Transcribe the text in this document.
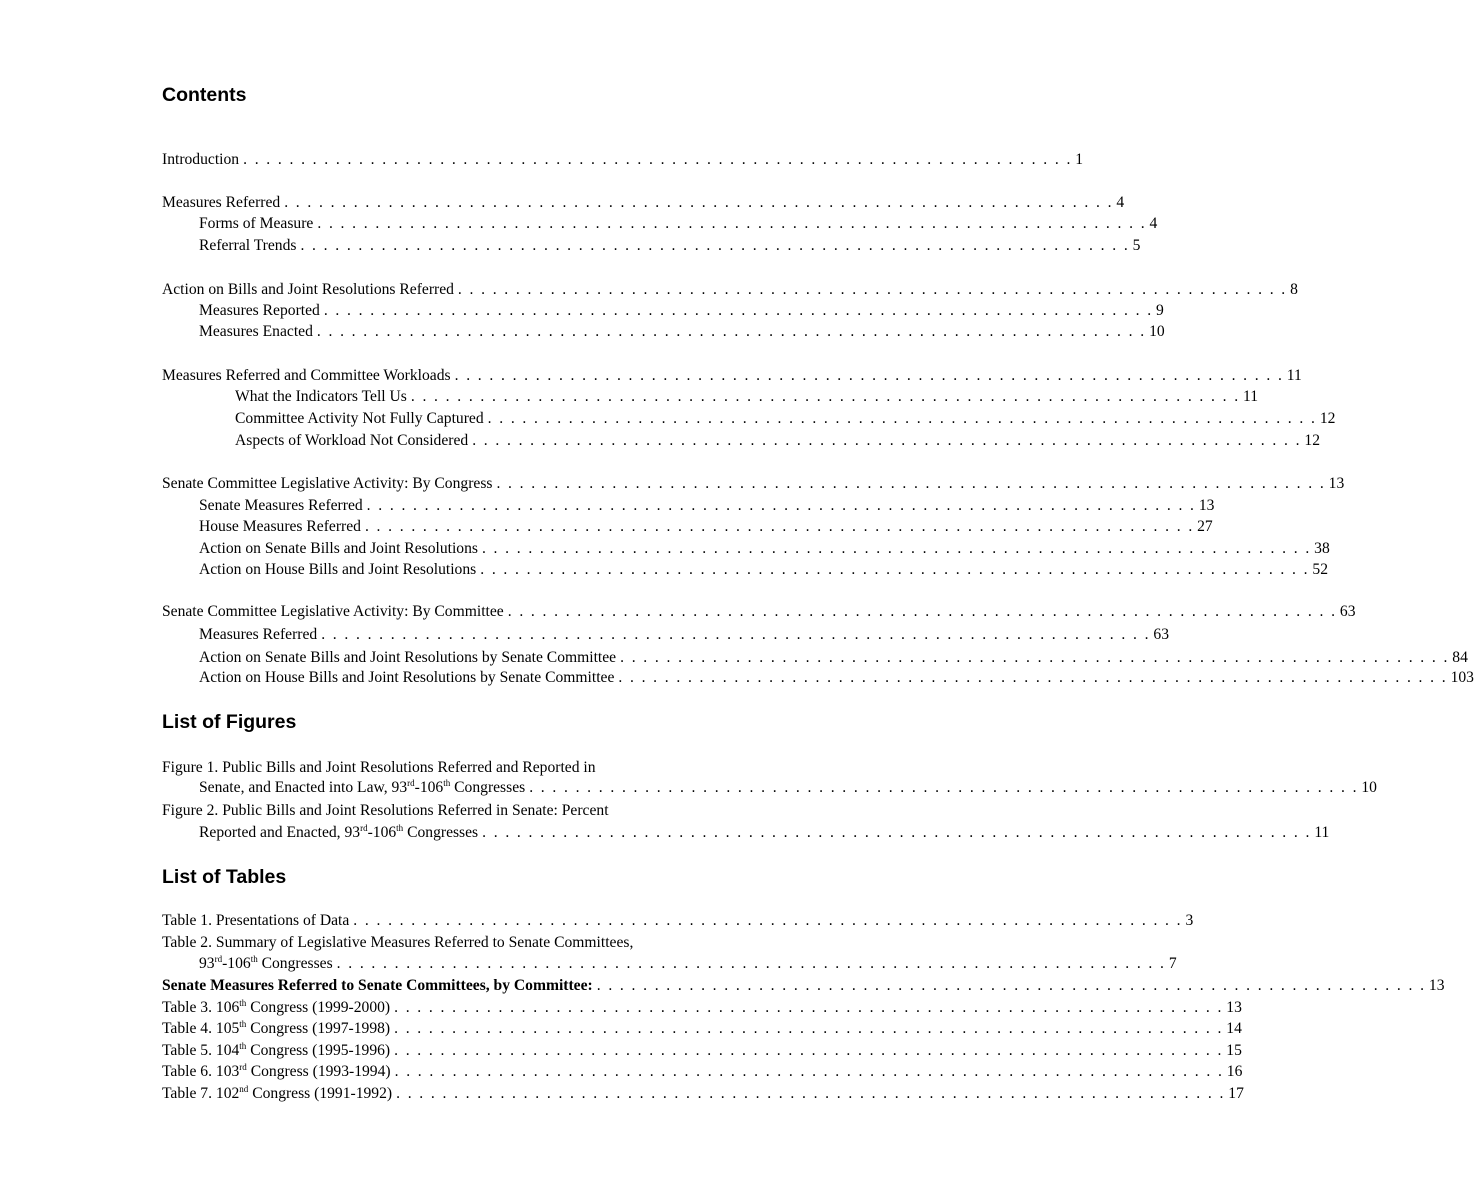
Contents
Introduction . . . . . . . . . . . . . . . . . . . . . . . . . . . . . . . . . . . . . . . . . . . . . . . . . . . . . . . . . . . . . . . . . . . . . . . . 1
Measures Referred . . . . . . . . . . . . . . . . . . . . . . . . . . . . . . . . . . . . . . . . . . . . . . . . . . . . . . . . . . . . . . . . . . . . . . . . 4
Forms of Measure . . . . . . . . . . . . . . . . . . . . . . . . . . . . . . . . . . . . . . . . . . . . . . . . . . . . . . . . . . . . . . . . . . . . . . . . 4
Referral Trends . . . . . . . . . . . . . . . . . . . . . . . . . . . . . . . . . . . . . . . . . . . . . . . . . . . . . . . . . . . . . . . . . . . . . . . . 5
Action on Bills and Joint Resolutions Referred . . . . . . . . . . . . . . . . . . . . . . . . . . . . . . . . . . . . . . . . . . . . . . . . . . . . . . . . . . . . . . . . . . . . . . . . 8
Measures Reported . . . . . . . . . . . . . . . . . . . . . . . . . . . . . . . . . . . . . . . . . . . . . . . . . . . . . . . . . . . . . . . . . . . . . . . . 9
Measures Enacted . . . . . . . . . . . . . . . . . . . . . . . . . . . . . . . . . . . . . . . . . . . . . . . . . . . . . . . . . . . . . . . . . . . . . . . . 10
Measures Referred and Committee Workloads . . . . . . . . . . . . . . . . . . . . . . . . . . . . . . . . . . . . . . . . . . . . . . . . . . . . . . . . . . . . . . . . . . . . . . . . 11
What the Indicators Tell Us . . . . . . . . . . . . . . . . . . . . . . . . . . . . . . . . . . . . . . . . . . . . . . . . . . . . . . . . . . . . . . . . . . . . . . . . 11
Committee Activity Not Fully Captured . . . . . . . . . . . . . . . . . . . . . . . . . . . . . . . . . . . . . . . . . . . . . . . . . . . . . . . . . . . . . . . . . . . . . . . . 12
Aspects of Workload Not Considered . . . . . . . . . . . . . . . . . . . . . . . . . . . . . . . . . . . . . . . . . . . . . . . . . . . . . . . . . . . . . . . . . . . . . . . . 12
Senate Committee Legislative Activity: By Congress . . . . . . . . . . . . . . . . . . . . . . . . . . . . . . . . . . . . . . . . . . . . . . . . . . . . . . . . . . . . . . . . . . . . . . . . 13
Senate Measures Referred . . . . . . . . . . . . . . . . . . . . . . . . . . . . . . . . . . . . . . . . . . . . . . . . . . . . . . . . . . . . . . . . . . . . . . . . 13
House Measures Referred . . . . . . . . . . . . . . . . . . . . . . . . . . . . . . . . . . . . . . . . . . . . . . . . . . . . . . . . . . . . . . . . . . . . . . . . 27
Action on Senate Bills and Joint Resolutions . . . . . . . . . . . . . . . . . . . . . . . . . . . . . . . . . . . . . . . . . . . . . . . . . . . . . . . . . . . . . . . . . . . . . . . . 38
Action on House Bills and Joint Resolutions . . . . . . . . . . . . . . . . . . . . . . . . . . . . . . . . . . . . . . . . . . . . . . . . . . . . . . . . . . . . . . . . . . . . . . . . 52
Senate Committee Legislative Activity: By Committee . . . . . . . . . . . . . . . . . . . . . . . . . . . . . . . . . . . . . . . . . . . . . . . . . . . . . . . . . . . . . . . . . . . . . . . . 63
Measures Referred . . . . . . . . . . . . . . . . . . . . . . . . . . . . . . . . . . . . . . . . . . . . . . . . . . . . . . . . . . . . . . . . . . . . . . . . 63
Action on Senate Bills and Joint Resolutions by Senate Committee . . . . . . . . . . . . . . . . . . . . . . . . . . . . . . . . . . . . . . . . . . . . . . . . . . . . . . . . . . . . . . . . . . . . . . . . 84
Action on House Bills and Joint Resolutions by Senate Committee . . . . . . . . . . . . . . . . . . . . . . . . . . . . . . . . . . . . . . . . . . . . . . . . . . . . . . . . . . . . . . . . . . . . . . . . 103
List of Figures
Figure 1. Public Bills and Joint Resolutions Referred and Reported in
Senate, and Enacted into Law, 93rd-106th Congresses . . . . . . . . . . . . . . . . . . . . . . . . . . . . . . . . . . . . . . . . . . . . . . . . . . . . . . . . . . . . . . . . . . . . . . . . 10
Figure 2. Public Bills and Joint Resolutions Referred in Senate: Percent
Reported and Enacted, 93rd-106th Congresses . . . . . . . . . . . . . . . . . . . . . . . . . . . . . . . . . . . . . . . . . . . . . . . . . . . . . . . . . . . . . . . . . . . . . . . . 11
List of Tables
Table 1. Presentations of Data . . . . . . . . . . . . . . . . . . . . . . . . . . . . . . . . . . . . . . . . . . . . . . . . . . . . . . . . . . . . . . . . . . . . . . . . 3
Table 2. Summary of Legislative Measures Referred to Senate Committees,
93rd-106th Congresses . . . . . . . . . . . . . . . . . . . . . . . . . . . . . . . . . . . . . . . . . . . . . . . . . . . . . . . . . . . . . . . . . . . . . . . . 7
Senate Measures Referred to Senate Committees, by Committee: . . . . . . . . . . . . . . . . . . . . . . . . . . . . . . . . . . . . . . . . . . . . . . . . . . . . . . . . . . . . . . . . . . . . . . . . 13
Table 3. 106th Congress (1999-2000) . . . . . . . . . . . . . . . . . . . . . . . . . . . . . . . . . . . . . . . . . . . . . . . . . . . . . . . . . . . . . . . . . . . . . . . . 13
Table 4. 105th Congress (1997-1998) . . . . . . . . . . . . . . . . . . . . . . . . . . . . . . . . . . . . . . . . . . . . . . . . . . . . . . . . . . . . . . . . . . . . . . . . 14
Table 5. 104th Congress (1995-1996) . . . . . . . . . . . . . . . . . . . . . . . . . . . . . . . . . . . . . . . . . . . . . . . . . . . . . . . . . . . . . . . . . . . . . . . . 15
Table 6. 103rd Congress (1993-1994) . . . . . . . . . . . . . . . . . . . . . . . . . . . . . . . . . . . . . . . . . . . . . . . . . . . . . . . . . . . . . . . . . . . . . . . . 16
Table 7. 102nd Congress (1991-1992) . . . . . . . . . . . . . . . . . . . . . . . . . . . . . . . . . . . . . . . . . . . . . . . . . . . . . . . . . . . . . . . . . . . . . . . . 17
